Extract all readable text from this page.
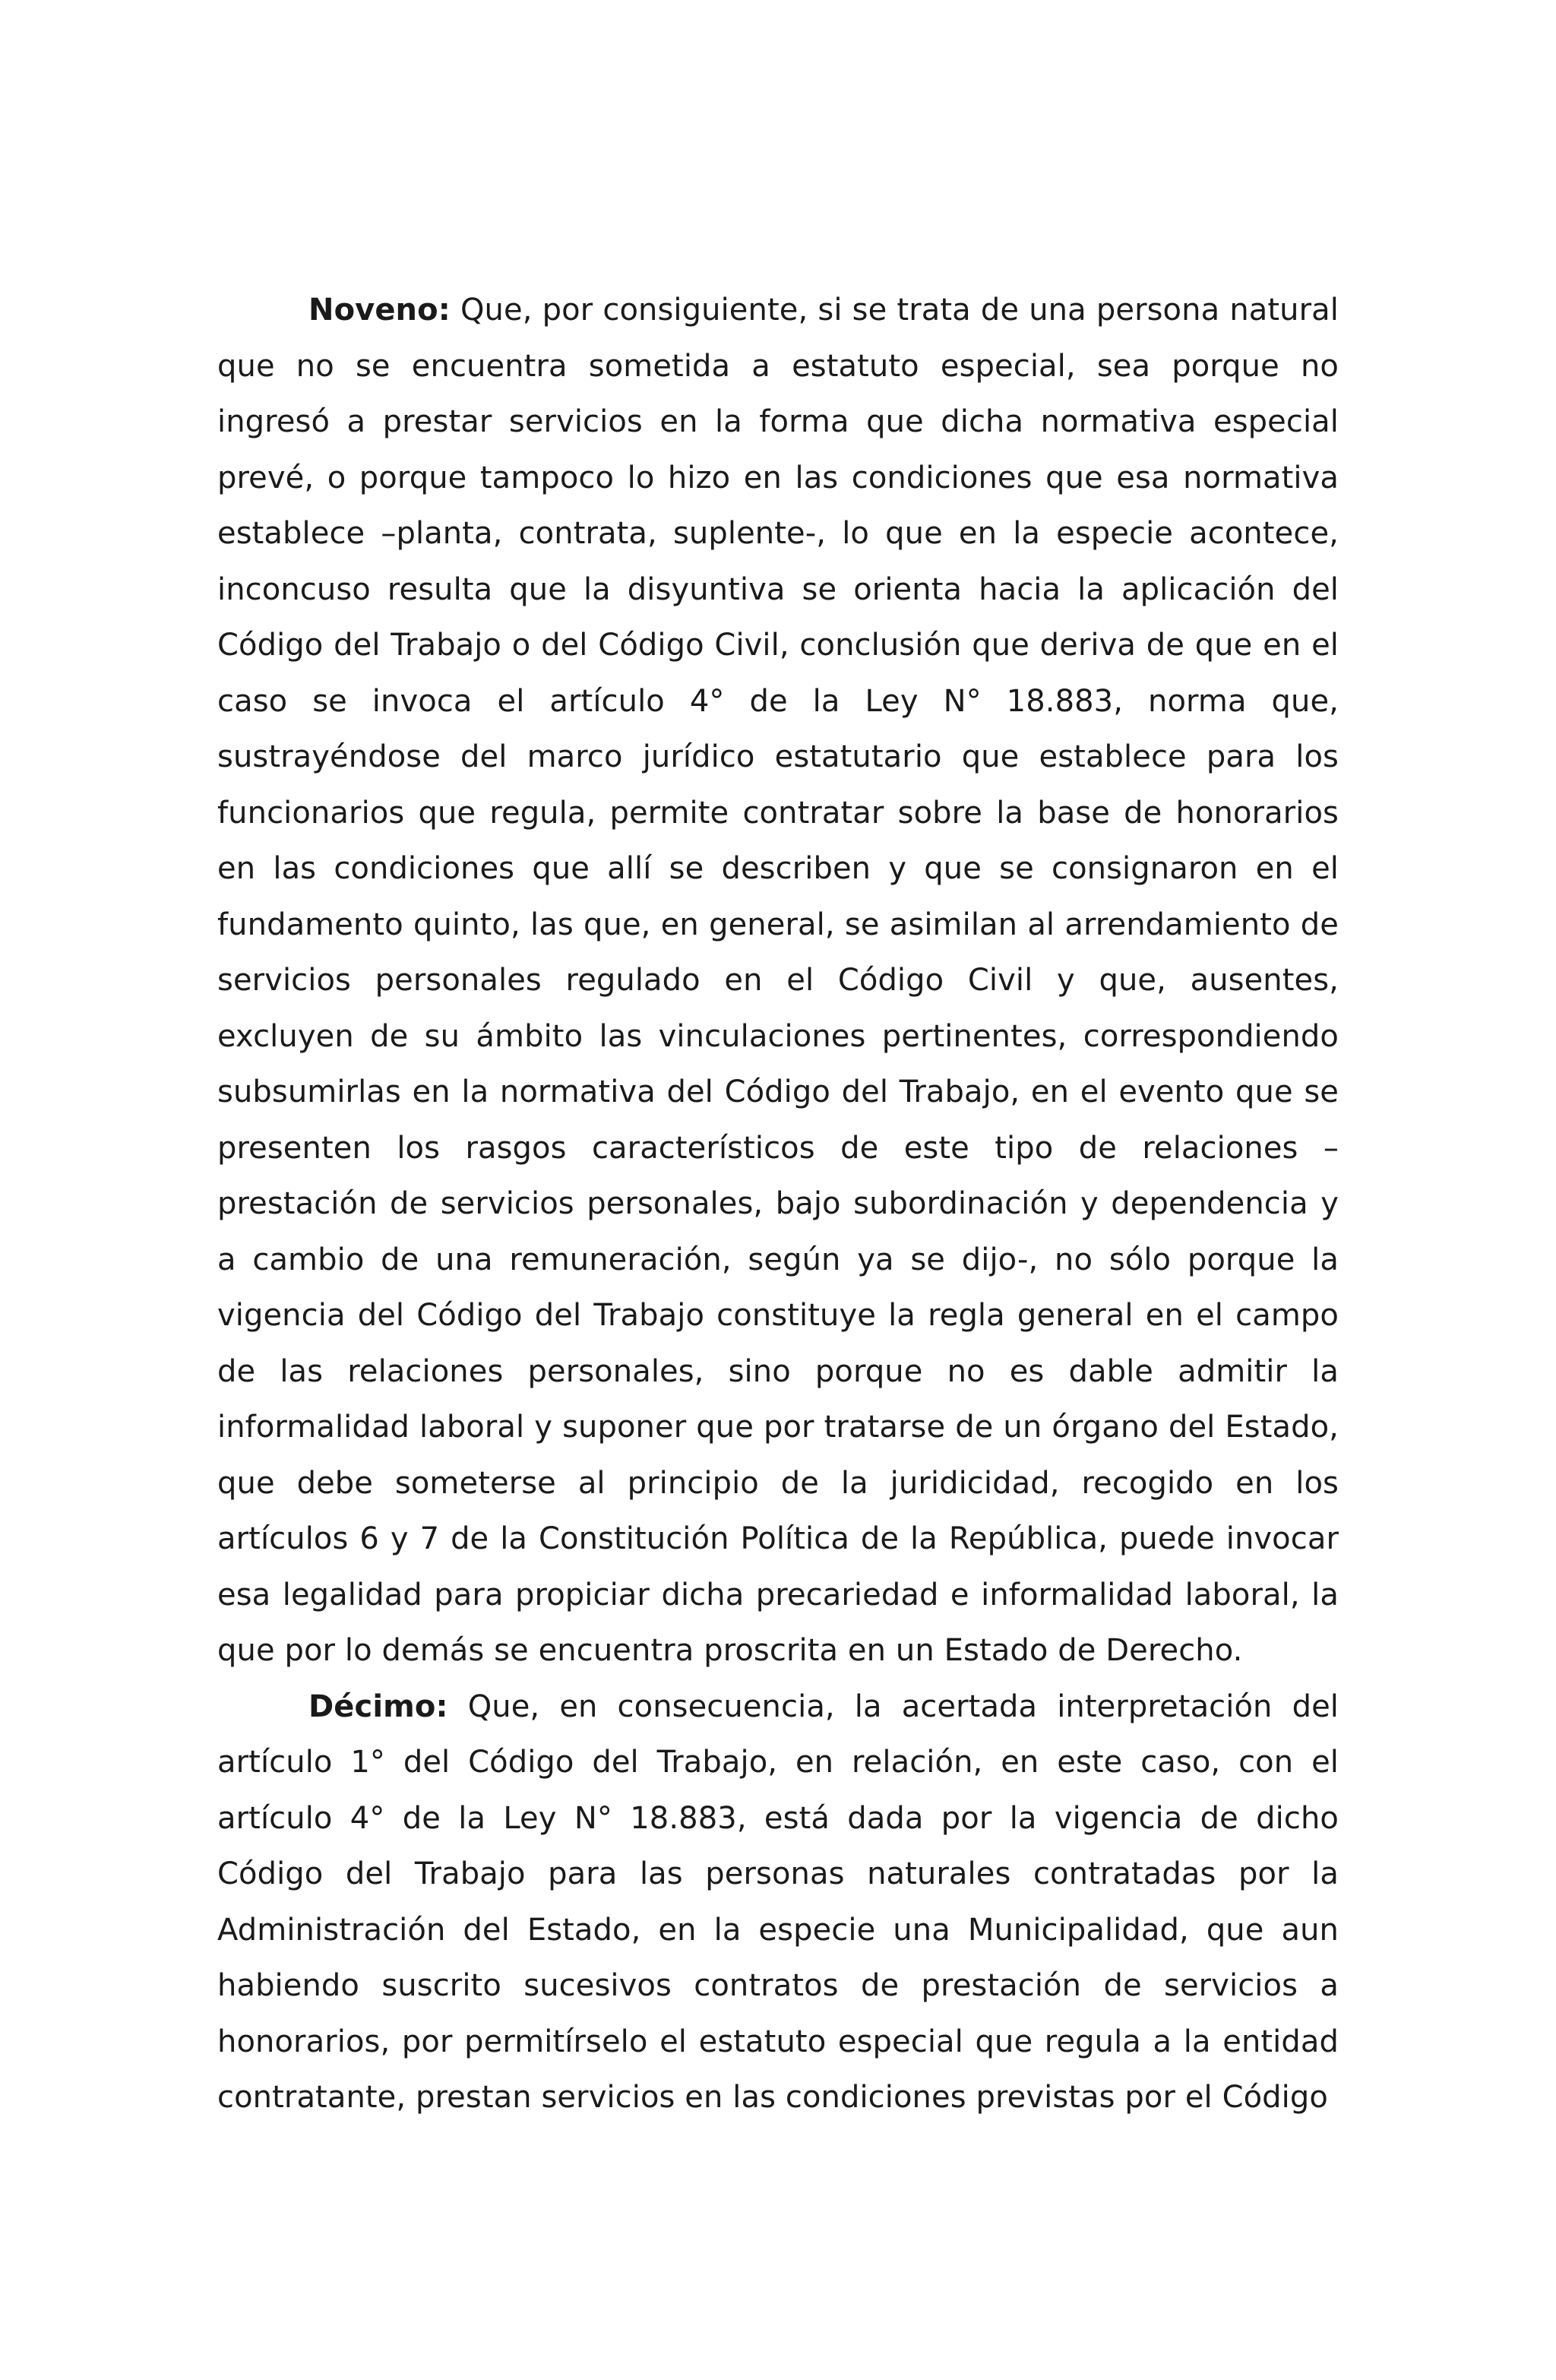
Noveno: Que, por consiguiente, si se trata de una persona natural que no se encuentra sometida a estatuto especial, sea porque no ingresó a prestar servicios en la forma que dicha normativa especial prevé, o porque tampoco lo hizo en las condiciones que esa normativa establece –planta, contrata, suplente-, lo que en la especie acontece, inconcuso resulta que la disyuntiva se orienta hacia la aplicación del Código del Trabajo o del Código Civil, conclusión que deriva de que en el caso se invoca el artículo 4° de la Ley N° 18.883, norma que, sustrayéndose del marco jurídico estatutario que establece para los funcionarios que regula, permite contratar sobre la base de honorarios en las condiciones que allí se describen y que se consignaron en el fundamento quinto, las que, en general, se asimilan al arrendamiento de servicios personales regulado en el Código Civil y que, ausentes, excluyen de su ámbito las vinculaciones pertinentes, correspondiendo subsumirlas en la normativa del Código del Trabajo, en el evento que se presenten los rasgos característicos de este tipo de relaciones –prestación de servicios personales, bajo subordinación y dependencia y a cambio de una remuneración, según ya se dijo-, no sólo porque la vigencia del Código del Trabajo constituye la regla general en el campo de las relaciones personales, sino porque no es dable admitir la informalidad laboral y suponer que por tratarse de un órgano del Estado, que debe someterse al principio de la juridicidad, recogido en los artículos 6 y 7 de la Constitución Política de la República, puede invocar esa legalidad para propiciar dicha precariedad e informalidad laboral, la que por lo demás se encuentra proscrita en un Estado de Derecho.

Décimo: Que, en consecuencia, la acertada interpretación del artículo 1° del Código del Trabajo, en relación, en este caso, con el artículo 4° de la Ley N° 18.883, está dada por la vigencia de dicho Código del Trabajo para las personas naturales contratadas por la Administración del Estado, en la especie una Municipalidad, que aun habiendo suscrito sucesivos contratos de prestación de servicios a honorarios, por permitírselo el estatuto especial que regula a la entidad contratante, prestan servicios en las condiciones previstas por el Código
